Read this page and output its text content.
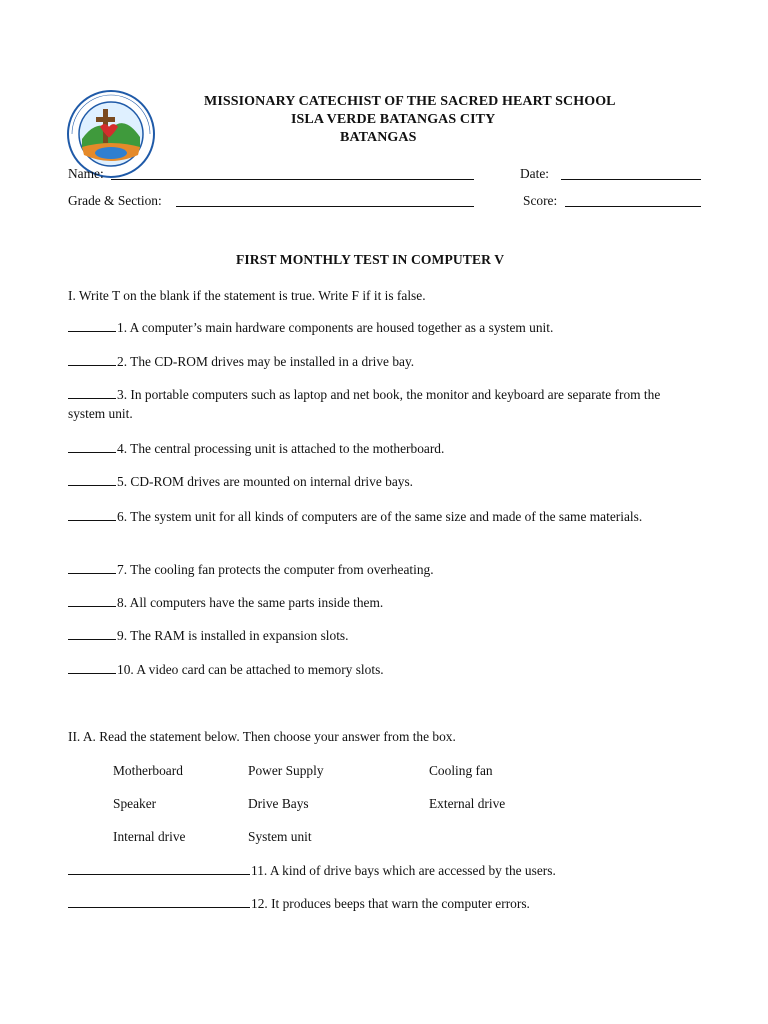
MISSIONARY CATECHIST OF THE SACRED HEART SCHOOL
ISLA VERDE BATANGAS CITY
BATANGAS
Name:	Date:
Grade & Section:	Score:
FIRST MONTHLY TEST IN COMPUTER V
I. Write T on the blank if the statement is true. Write F if it is false.
1. A computer’s main hardware components are housed together as a system unit.
2. The CD-ROM drives may be installed in a drive bay.
3. In portable computers such as laptop and net book, the monitor and keyboard are separate from the system unit.
4. The central processing unit is attached to the motherboard.
5. CD-ROM drives are mounted on internal drive bays.
6. The system unit for all kinds of computers are of the same size and made of the same materials.
7. The cooling fan protects the computer from overheating.
8. All computers have the same parts inside them.
9. The RAM is installed in expansion slots.
10. A video card can be attached to memory slots.
II. A. Read the statement below. Then choose your answer from the box.
Motherboard	Power Supply	Cooling fan
Speaker	Drive Bays	External drive
Internal drive	System unit
11. A kind of drive bays which are accessed by the users.
12. It produces beeps that warn the computer errors.
